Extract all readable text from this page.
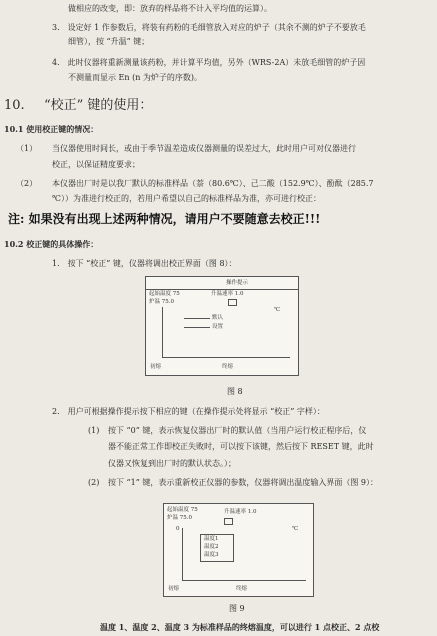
做相应的改变，即：放弃的样品将不计入平均值的运算）。
3.　设定好 1 作参数后，将装有药粉的毛细管放入对应的炉子（其余不测的炉子不要放毛
细管），按 “升温” 键；
4.　此时仪器将重新测量该药粉，并计算平均值，另外（WRS-2A）未放毛细管的炉子因
不测量而显示 En (n 为炉子的序数)。
10. “校正” 键的使用：
10.1 使用校正键的情况：
（1） 当仪器使用时间长，或由于季节温差造成仪器测量的误差过大，此时用户可对仪器进行
校正，以保证精度要求；
（2） 本仪器出厂时是以我厂默认的标准样品（萘（80.6℃）、己二酸（152.9℃）、酚酞（285.7
℃））为准进行校正的，若用户希望以自己的标准样品为准，亦可进行校正：
注: 如果没有出现上述两种情况，请用户不要随意去校正!!!
10.2 校正键的具体操作：
1.　按下 “校正” 键，仪器将调出校正界面（图 8）：
操作提示
起始温度 75	升温速率 1.0
炉温 75.0
℃
默认
设置
初熔	终熔
图 8
2.　用户可根据操作提示按下相应的键（在操作提示处将显示 “校正” 字样）：
(1) 按下 “0” 键，表示恢复仪器出厂时的默认值（当用户运行校正程序后，仪
器不能正常工作即校正失败时，可以按下该键，然后按下 RESET 键，此时
仪器又恢复到出厂时的默认状态。）；
(2) 按下 “1” 键，表示重新校正仪器的参数，仪器将调出温度输入界面（图 9）：
起始温度 75	升温速率 1.0
炉温 75.0
0	℃
温度1
温度2
温度3
初熔	终熔
图 9
温度 1、温度 2、温度 3 为标准样品的终熔温度，可以进行 1 点校正、2 点校
